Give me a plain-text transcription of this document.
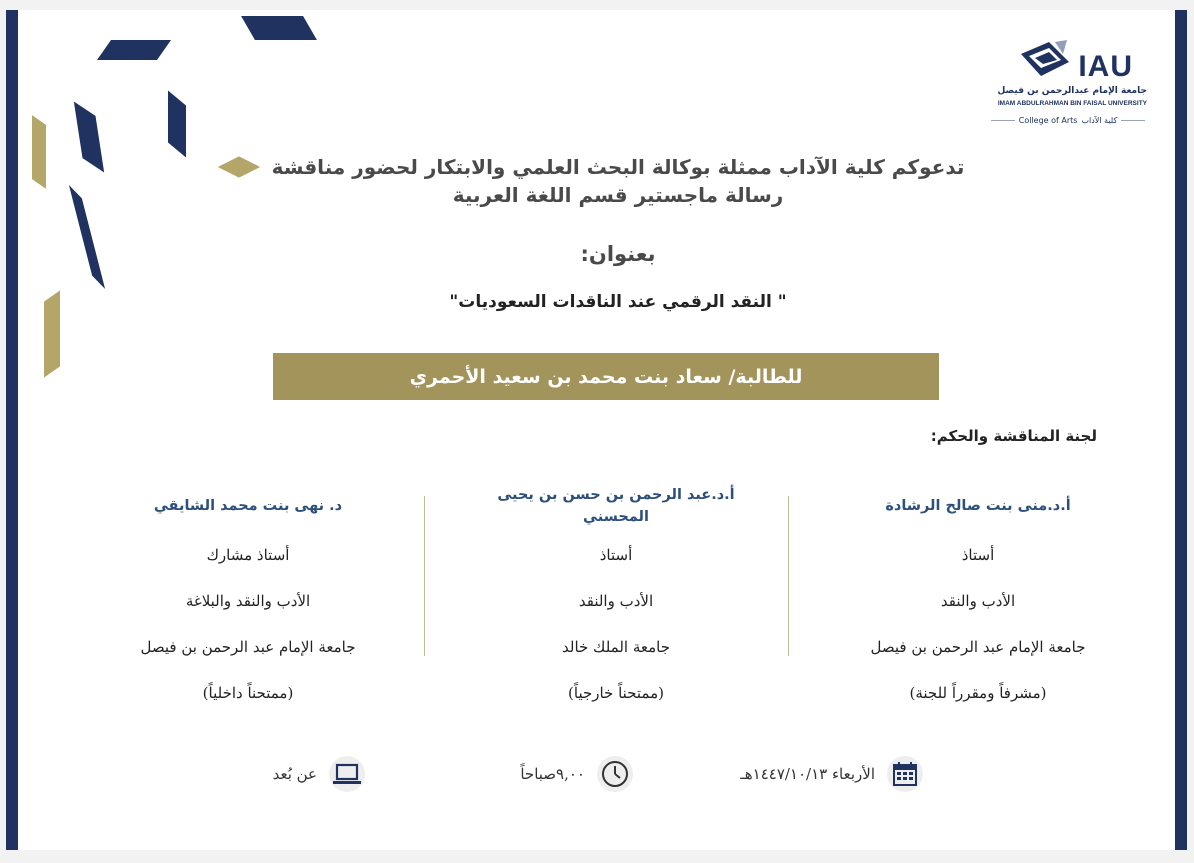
IAU
جامعة الإمام عبدالرحمن بن فيصل
IMAM ABDULRAHMAN BIN FAISAL UNIVERSITY
College of Arts كلية الآداب
تدعوكم كلية الآداب ممثلة بوكالة البحث العلمي والابتكار لحضور مناقشة
رسالة ماجستير قسم اللغة العربية
بعنوان:
" النقد الرقمي عند الناقدات السعوديات"
للطالبة/ سعاد بنت محمد بن سعيد الأحمري
لجنة المناقشة والحكم:
أ.د.منى بنت صالح الرشادة
أستاذ
الأدب والنقد
جامعة الإمام عبد الرحمن بن فيصل
(مشرفاً ومقرراً للجنة)
أ.د.عبد الرحمن بن حسن بن يحيى المحسني
أستاذ
الأدب والنقد
جامعة الملك خالد
(ممتحناً خارجياً)
د. نهى بنت محمد الشايقي
أستاذ مشارك
الأدب والنقد والبلاغة
جامعة الإمام عبد الرحمن بن فيصل
(ممتحناً داخلياً)
الأربعاء ١٤٤٧/١٠/١٣هـ
٩,٠٠صباحاً
عن بُعد
